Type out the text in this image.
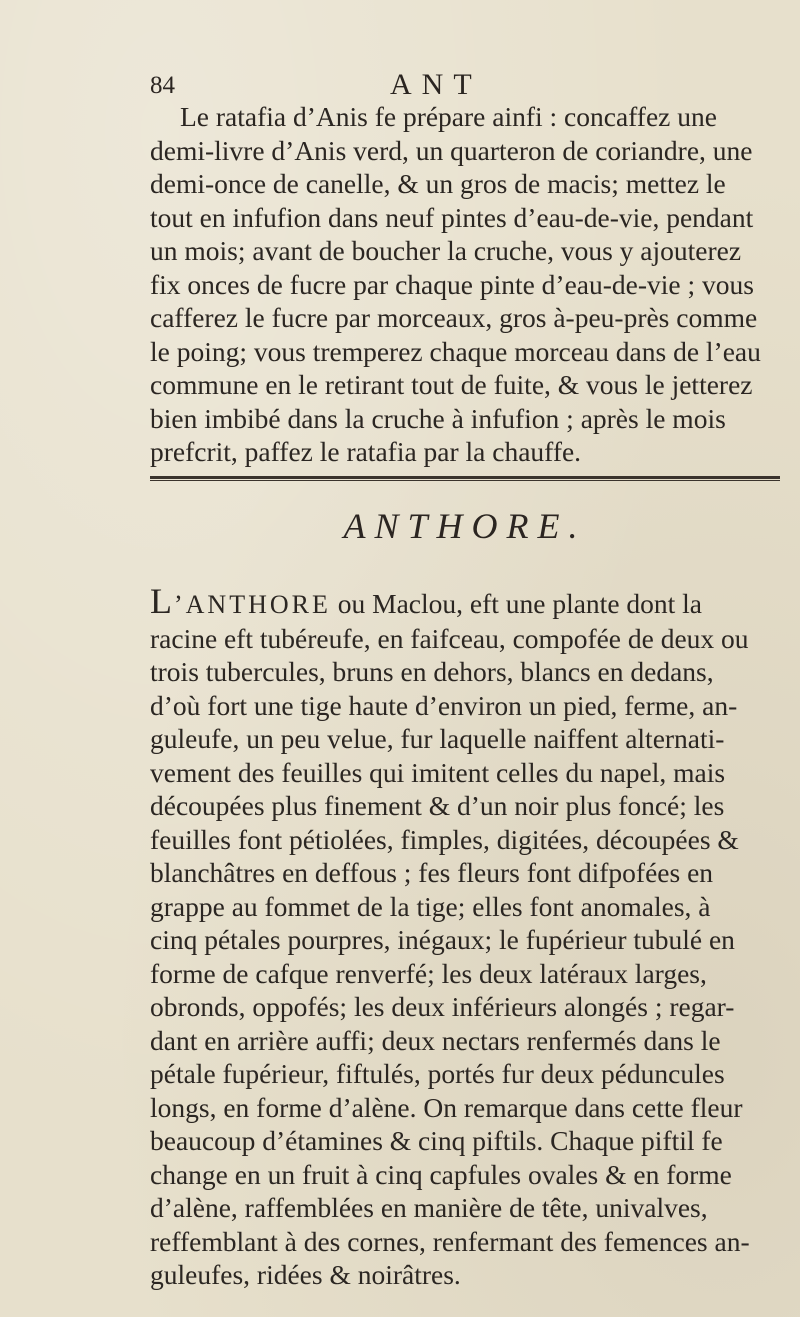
84	ANT
Le ratafia d’Anis fe prépare ainfi : concaffez une
demi-livre d’Anis verd, un quarteron de coriandre, une
demi-once de canelle, & un gros de macis; mettez le
tout en infufion dans neuf pintes d’eau-de-vie, pendant
un mois; avant de boucher la cruche, vous y ajouterez
fix onces de fucre par chaque pinte d’eau-de-vie ; vous
cafferez le fucre par morceaux, gros à-peu-près comme
le poing; vous tremperez chaque morceau dans de l’eau
commune en le retirant tout de fuite, & vous le jetterez
bien imbibé dans la cruche à infufion ; après le mois
prefcrit, paffez le ratafia par la chauffe.
ANTHORE.
L’ANTHORE ou Maclou, eft une plante dont la
racine eft tubéreufe, en faifceau, compofée de deux ou
trois tubercules, bruns en dehors, blancs en dedans,
d’où fort une tige haute d’environ un pied, ferme, an-
guleufe, un peu velue, fur laquelle naiffent alternati-
vement des feuilles qui imitent celles du napel, mais
découpées plus finement & d’un noir plus foncé; les
feuilles font pétiolées, fimples, digitées, découpées &
blanchâtres en deffous ; fes fleurs font difpofées en
grappe au fommet de la tige; elles font anomales, à
cinq pétales pourpres, inégaux; le fupérieur tubulé en
forme de cafque renverfé; les deux latéraux larges,
obronds, oppofés; les deux inférieurs alongés ; regar-
dant en arrière auffi; deux nectars renfermés dans le
pétale fupérieur, fiftulés, portés fur deux péduncules
longs, en forme d’alène. On remarque dans cette fleur
beaucoup d’étamines & cinq piftils. Chaque piftil fe
change en un fruit à cinq capfules ovales & en forme
d’alène, raffemblées en manière de tête, univalves,
reffemblant à des cornes, renfermant des femences an-
guleufes, ridées & noirâtres.
